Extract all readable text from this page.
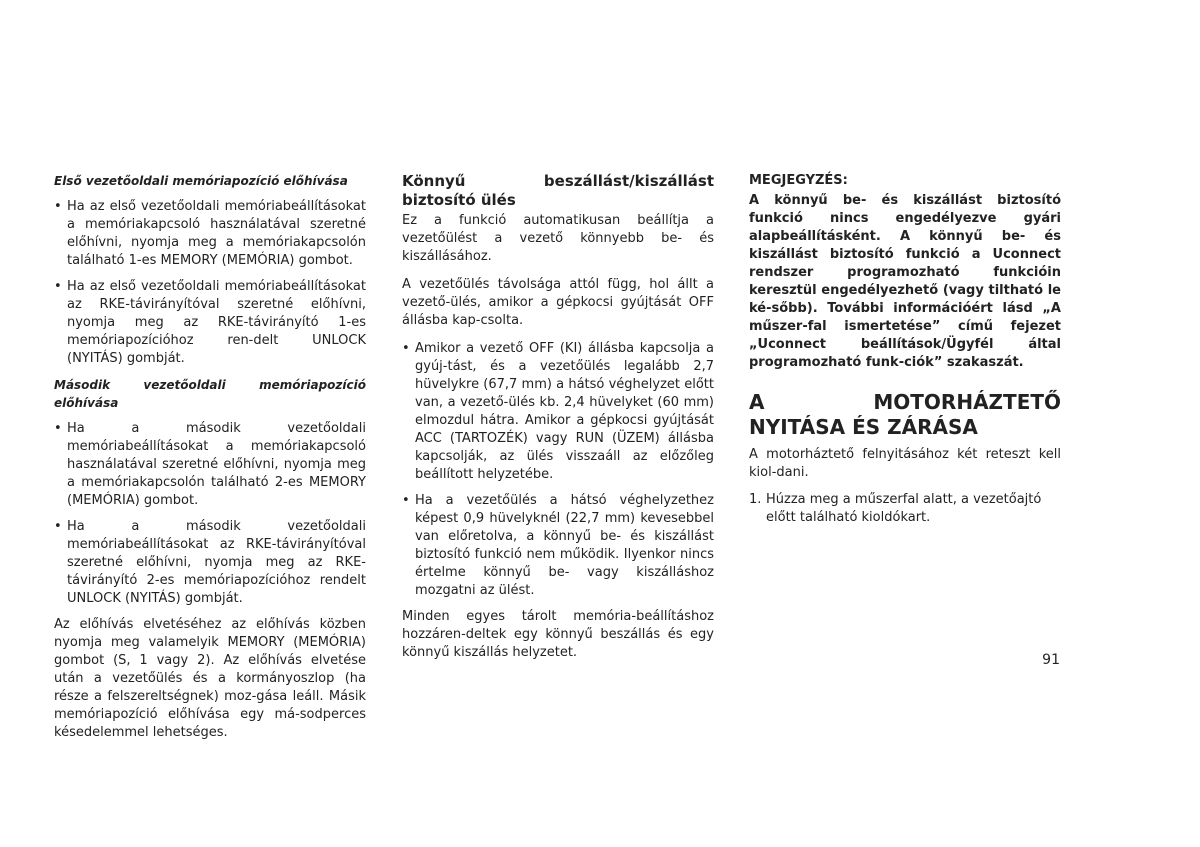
Első vezetőoldali memóriapozíció előhívása

• Ha az első vezetőoldali memóriabeállításokat a memóriakapcsoló használatával szeretné előhívni, nyomja meg a memóriakapcsolón található 1-es MEMORY (MEMÓRIA) gombot.
• Ha az első vezetőoldali memóriabeállításokat az RKE-távirányítóval szeretné előhívni, nyomja meg az RKE-távirányító 1-es memóriapozícióhoz ren-delt UNLOCK (NYITÁS) gombját.

Második vezetőoldali memóriapozíció előhívása

• Ha a második vezetőoldali memóriabeállításokat a memóriakapcsoló használatával szeretné előhívni, nyomja meg a memóriakapcsolón található 2-es MEMORY (MEMÓRIA) gombot.
• Ha a második vezetőoldali memóriabeállításokat az RKE-távirányítóval szeretné előhívni, nyomja meg az RKE-távirányító 2-es memóriapozícióhoz rendelt UNLOCK (NYITÁS) gombját.

Az előhívás elvetéséhez az előhívás közben nyomja meg valamelyik MEMORY (MEMÓRIA) gombot (S, 1 vagy 2). Az előhívás elvetése után a vezetőülés és a kormányoszlop (ha része a felszereltségnek) moz-gása leáll. Másik memóriapozíció előhívása egy má-sodperces késedelemmel lehetséges.

Könnyű beszállást/kiszállást biztosító ülés

Ez a funkció automatikusan beállítja a vezetőülést a vezető könnyebb be- és kiszállásához.

A vezetőülés távolsága attól függ, hol állt a vezető-ülés, amikor a gépkocsi gyújtását OFF állásba kap-csolta.

• Amikor a vezető OFF (KI) állásba kapcsolja a gyúj-tást, és a vezetőülés legalább 2,7 hüvelykre (67,7 mm) a hátsó véghelyzet előtt van, a vezető-ülés kb. 2,4 hüvelyket (60 mm) elmozdul hátra. Amikor a gépkocsi gyújtását ACC (TARTOZÉK) vagy RUN (ÜZEM) állásba kapcsolják, az ülés visszaáll az előzőleg beállított helyzetébe.
• Ha a vezetőülés a hátsó véghelyzethez képest 0,9 hüvelyknél (22,7 mm) kevesebbel van előretolva, a könnyű be- és kiszállást biztosító funkció nem működik. Ilyenkor nincs értelme könnyű be- vagy kiszálláshoz mozgatni az ülést.

Minden egyes tárolt memória-beállításhoz hozzáren-deltek egy könnyű beszállás és egy könnyű kiszállás helyzetet.

MEGJEGYZÉS:

A könnyű be- és kiszállást biztosító funkció nincs engedélyezve gyári alapbeállításként. A könnyű be- és kiszállást biztosító funkció a Uconnect rendszer programozható funkcióin keresztül engedélyezhető (vagy tiltható le ké-sőbb). További információért lásd „A műszer-fal ismertetése” című fejezet „Uconnect beállítások/Ügyfél által programozható funk-ciók” szakaszát.

A MOTORHÁZTETŐ NYITÁSA ÉS ZÁRÁSA

A motorháztető felnyitásához két reteszt kell kiol-dani.

1. Húzza meg a műszerfal alatt, a vezetőajtó előtt található kioldókart.
91
